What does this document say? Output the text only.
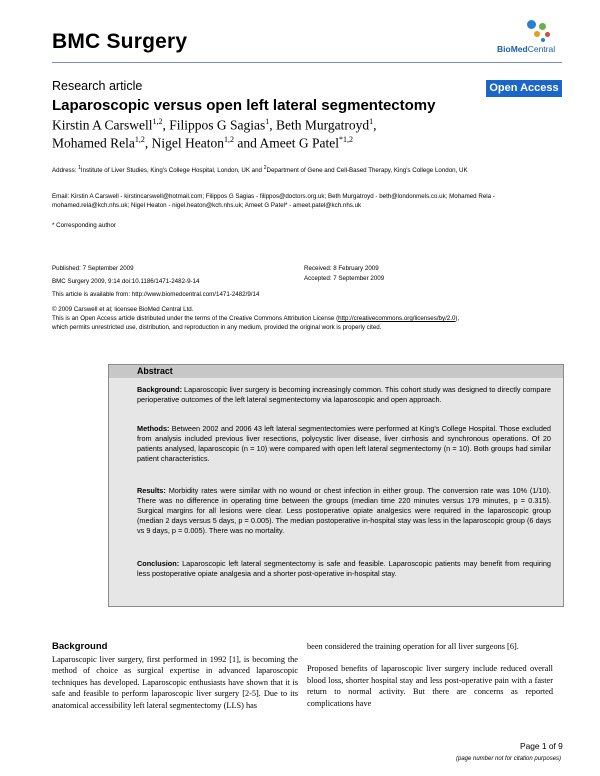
BMC Surgery	BioMedCentral
Research article	Open Access
Laparoscopic versus open left lateral segmentectomy
Kirstin A Carswell$^{1,2}$, Filippos G Sagias$^1$, Beth Murgatroyd$^1$,
Mohamed Rela$^{1,2}$, Nigel Heaton$^{1,2}$ and Ameet G Patel$^{*1,2}$
Address: $^1$Institute of Liver Studies, King's College Hospital, London, UK and $^2$Department of Gene and Cell-Based Therapy, King's College London, UK
Email: Kirstin A Carswell - kirstincarswell@hotmail.com; Filippos G Sagias - filippos@doctors.org.uk; Beth Murgatroyd - beth@londonmels.co.uk; Mohamed Rela - mohamed.rela@kch.nhs.uk; Nigel Heaton - nigel.heaton@kch.nhs.uk; Ameet G Patel* - ameet.patel@kch.nhs.uk
* Corresponding author
Published: 7 September 2009	Received: 8 February 2009
BMC Surgery 2009, 9:14 doi:10.1186/1471-2482-9-14	Accepted: 7 September 2009
This article is available from: http://www.biomedcentral.com/1471-2482/9/14
© 2009 Carswell et al; licensee BioMed Central Ltd.
This is an Open Access article distributed under the terms of the Creative Commons Attribution License (http://creativecommons.org/licenses/by/2.0),
which permits unrestricted use, distribution, and reproduction in any medium, provided the original work is properly cited.
Abstract
Background: Laparoscopic liver surgery is becoming increasingly common. This cohort study was designed to directly compare perioperative outcomes of the left lateral segmentectomy via laparoscopic and open approach.
Methods: Between 2002 and 2006 43 left lateral segmentectomies were performed at King's College Hospital. Those excluded from analysis included previous liver resections, polycystic liver disease, liver cirrhosis and synchronous operations. Of 20 patients analysed, laparoscopic (n = 10) were compared with open left lateral segmentectomy (n = 10). Both groups had similar patient characteristics.
Results: Morbidity rates were similar with no wound or chest infection in either group. The conversion rate was 10% (1/10). There was no difference in operating time between the groups (median time 220 minutes versus 179 minutes, p = 0.315). Surgical margins for all lesions were clear. Less postoperative opiate analgesics were required in the laparoscopic group (median 2 days versus 5 days, p = 0.005). The median postoperative in-hospital stay was less in the laparoscopic group (6 days vs 9 days, p = 0.005). There was no mortality.
Conclusion: Laparoscopic left lateral segmentectomy is safe and feasible. Laparoscopic patients may benefit from requiring less postoperative opiate analgesia and a shorter post-operative in-hospital stay.
Background

Laparoscopic liver surgery, first performed in 1992 [1], is becoming the method of choice as surgical expertise in advanced laparoscopic techniques has developed. Laparoscopic enthusiasts have shown that it is safe and feasible to perform laparoscopic liver surgery [2-5]. Due to its anatomical accessibility left lateral segmentectomy (LLS) has

been considered the training operation for all liver surgeons [6].

Proposed benefits of laparoscopic liver surgery include reduced overall blood loss, shorter hospital stay and less post-operative pain with a faster return to normal activity. But there are concerns as reported complications have

Page 1 of 9
(page number not for citation purposes)
